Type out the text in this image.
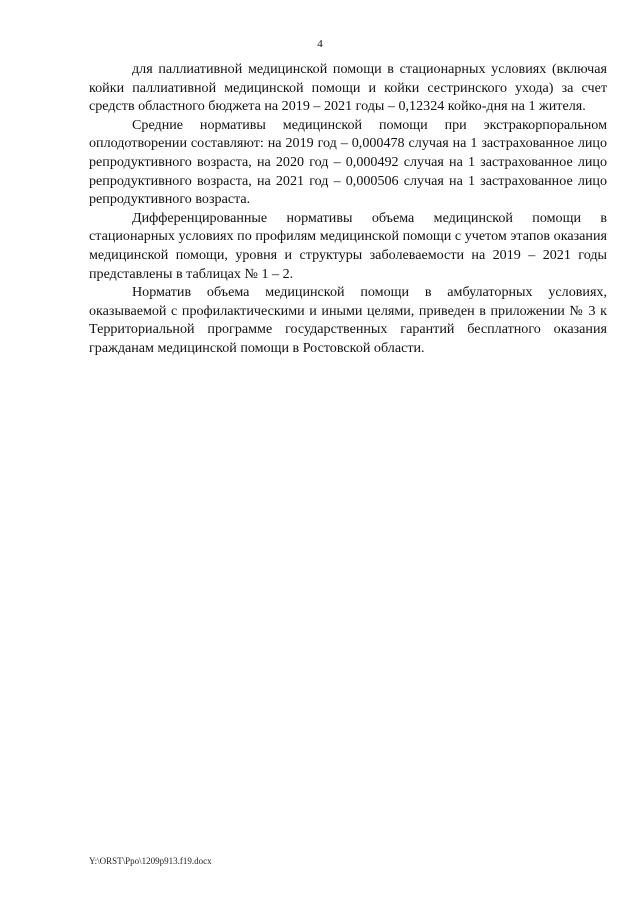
4

для паллиативной медицинской помощи в стационарных условиях (включая койки паллиативной медицинской помощи и койки сестринского ухода) за счет средств областного бюджета на 2019 – 2021 годы – 0,12324 койко-дня на 1 жителя.

Средние нормативы медицинской помощи при экстракорпоральном оплодотворении составляют: на 2019 год – 0,000478 случая на 1 застрахованное лицо репродуктивного возраста, на 2020 год – 0,000492 случая на 1 застрахованное лицо репродуктивного возраста, на 2021 год – 0,000506 случая на 1 застрахованное лицо репродуктивного возраста.

Дифференцированные нормативы объема медицинской помощи в стационарных условиях по профилям медицинской помощи с учетом этапов оказания медицинской помощи, уровня и структуры заболеваемости на 2019 – 2021 годы представлены в таблицах № 1 – 2.

Норматив объема медицинской помощи в амбулаторных условиях, оказываемой с профилактическими и иными целями, приведен в приложении № 3 к Территориальной программе государственных гарантий бесплатного оказания гражданам медицинской помощи в Ростовской области.

Y:\ORST\Ppo\1209p913.f19.docx
